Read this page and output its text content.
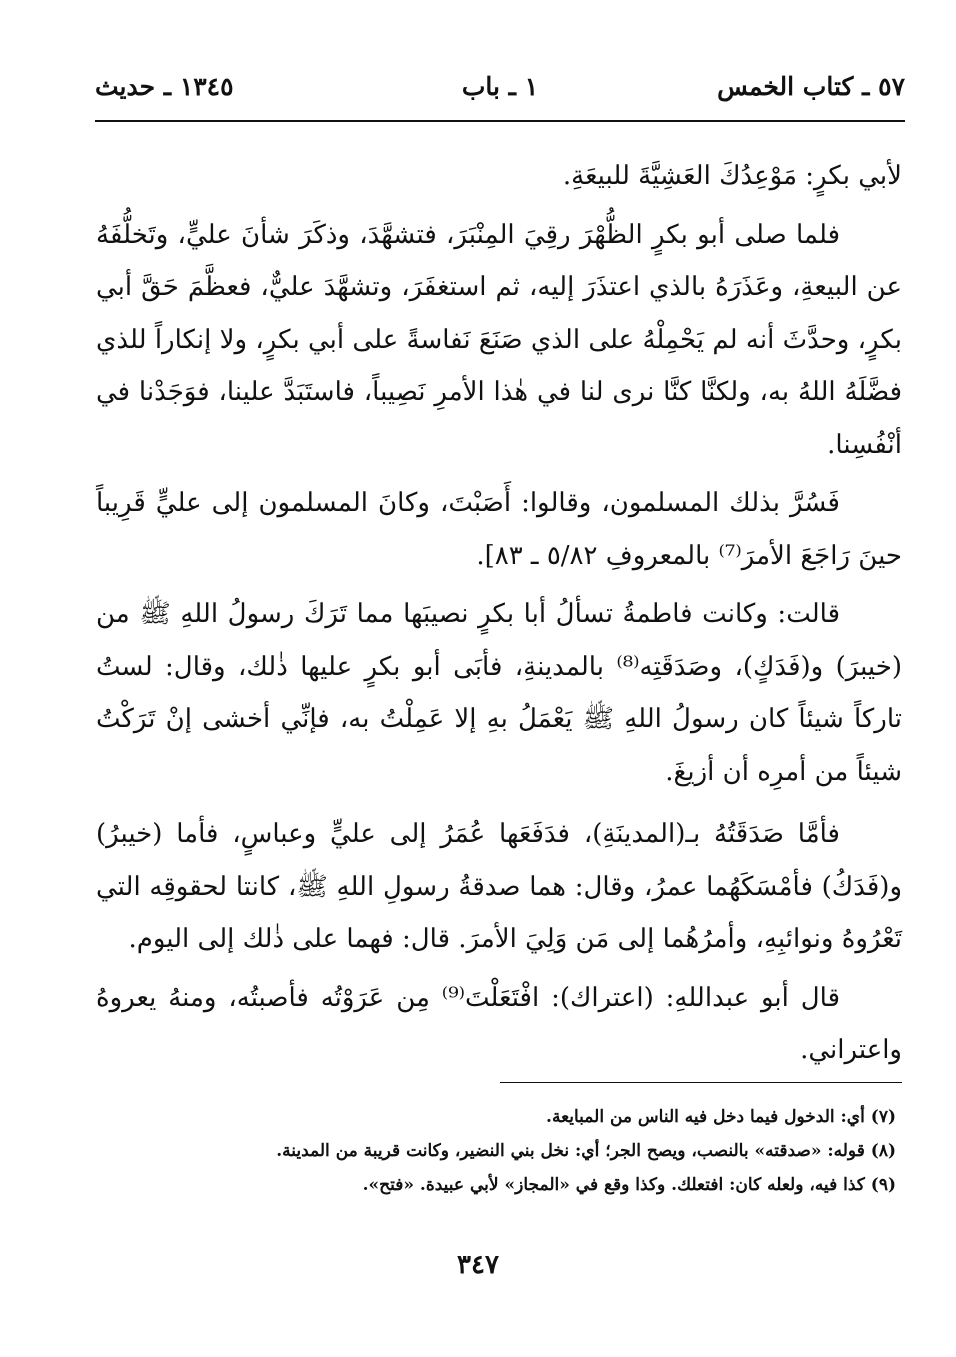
٥٧ ـ كتاب الخمس
١ ـ باب
١٣٤٥ ـ حديث

لأبي بكرٍ: مَوْعِدُكَ العَشِيَّةَ للبيعَةِ.

فلما صلى أبو بكرٍ الظُّهْرَ رقِيَ المِنْبَرَ، فتشهَّدَ، وذكَرَ شأنَ عليٍّ، وتَخلُّفَهُ عن البيعةِ، وعَذَرَهُ بالذي اعتذَرَ إليه، ثم استغفَرَ، وتشهَّدَ عليٌّ، فعظَّمَ حَقَّ أبي بكرٍ، وحدَّثَ أنه لم يَحْمِلْهُ على الذي صَنَعَ نَفاسةً على أبي بكرٍ، ولا إنكاراً للذي فضَّلَهُ اللهُ به، ولكنَّا كنَّا نرى لنا في هٰذا الأمرِ نَصِيباً، فاستَبَدَّ علينا، فوَجَدْنا في أنْفُسِنا.

فَسُرَّ بذلك المسلمون، وقالوا: أَصَبْتَ، وكانَ المسلمون إلى عليٍّ قَرِيباً حينَ رَاجَعَ الأمرَ⁽⁷⁾ بالمعروفِ ٥/٨٢ ـ ٨٣].

قالت: وكانت فاطمةُ تسألُ أبا بكرٍ نصيبَها مما تَرَكَ رسولُ اللهِ ﷺ من (خيبرَ) و(فَدَكٍ)، وصَدَقَتِه⁽⁸⁾ بالمدينةِ، فأبَى أبو بكرٍ عليها ذٰلك، وقال: لستُ تاركاً شيئاً كان رسولُ اللهِ ﷺ يَعْمَلُ بهِ إلا عَمِلْتُ به، فإنِّي أخشى إنْ تَرَكْتُ شيئاً من أمرِه أن أزيغَ.

فأمَّا صَدَقَتُهُ بـ(المدينَةِ)، فدَفَعَها عُمَرُ إلى عليٍّ وعباسٍ، فأما (خيبرُ) و(فَدَكُ) فأمْسَكَهُما عمرُ، وقال: هما صدقةُ رسولِ اللهِ ﷺ، كانتا لحقوقِه التي تَعْرُوهُ ونوائبِهِ، وأمرُهُما إلى مَن وَلِيَ الأمرَ. قال: فهما على ذٰلك إلى اليوم.

قال أبو عبداللهِ: (اعتراك): افْتَعَلْتَ⁽⁹⁾ مِن عَرَوْتُه فأصبتُه، ومنهُ يعروهُ واعتراني.

(٧) أي: الدخول فيما دخل فيه الناس من المبايعة.

(٨) قوله: «صدقته» بالنصب، ويصح الجر؛ أي: نخل بني النضير، وكانت قريبة من المدينة.

(٩) كذا فيه، ولعله كان: افتعلك. وكذا وقع في «المجاز» لأبي عبيدة. «فتح».

٣٤٧
